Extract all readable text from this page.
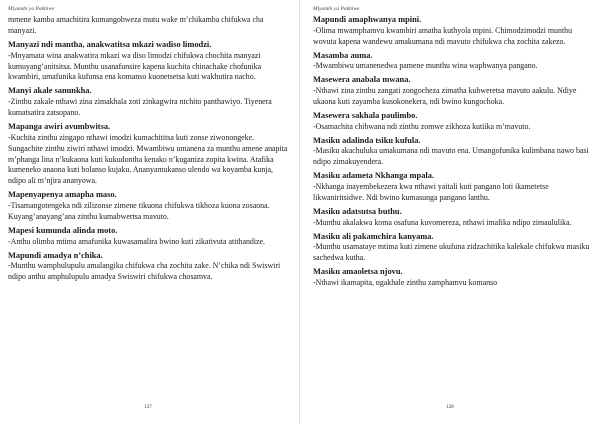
Miyambi ya Pakhiwe
mmene kamba amachitira kumangobweza mutu wake m’chikamba chifukwa cha manyazi.
Manyazi ndi mantha, anakwatitsa mkazi wadiso limodzi.
-Mnyamata wina anakwatira mkazi wa diso limodzi chifukwa chochita manyazi kumuyang’anitsitsa. Munthu usanafunsire kapena kuchita chinachake chofunika kwambiri, umafunika kufunsa ena komanso kuonetsetsa kuti wakhutira nacho.
Manyi akale sanunkha.
-Zinthu zakale nthawi zina zimakhala zoti zinkagwira ntchito panthawiyo. Tiyenera kumatsatira zatsopano.
Mapanga awiri avumbwitsa.
-Kuchita zinthu zingapo nthawi imodzi kumachititsa kuti zonse ziwonongeke. Sungachite zinthu ziwiri nthawi imodzi. Mwambiwu umanena za munthu amene anapita m’phanga lina n’kukaona kuti kukudontha kenako n’kuganiza zopita kwina. Atafika kumeneko anaona kuti bolanso kujaku. Ananyamukanso ulendo wa koyamba kunja, ndipo ali m’njira ananyowa.
Mapenyapenya amapha maso.
-Tisamangotengeka ndi zilizonse zimene tikuona chifukwa tikhoza kuona zosaona. Kuyang’anayang’ana zinthu kumabwertsa mavuto.
Mapesi kumunda alinda moto.
-Anthu olimba mtima amafunika kuwasamalira bwino kuti zikativuta atithandize.
Mapundi amadya n’chika.
-Munthu wamphulupulu amalangika chifukwa cha zochita zake. N’chika ndi Swiswiri ndipo anthu amphulupulu amadya Swiswiri chifukwa chosamva.
127
Miyambi ya Pakhiwe
Mapundi amaphwanya mpini.
-Olima mwamphamvu kwambiri amatha kuthyola mpini. Chimodzimodzi munthu wovuta kapena wandewu amakumana ndi mavuto chifukwa cha zochita zakezo.
Masamba auma.
-Mwambiwu umanenedwa pamene munthu wina waphwanya pangano.
Masewera anabala mwana.
-Nthawi zina zinthu zangati zongocheza zimatha kubweretsa mavuto aakulu. Ndiye ukaona kuti zayamba kusokonekera, ndi bwino kungochoka.
Masewera sakhala paulimbo.
-Osamachita chibwana ndi zinthu zomwe zikhoza kutiika m’mavuto.
Masiku adalinda tsiku kufula.
-Masiku akachuluka umakumana ndi mavuto ena. Umangofunika kulimbana nawo basi ndipo zimakuyendera.
Masiku adameta Nkhanga mpala.
-Nkhanga inayembekezera kwa nthawi yaitali kuti pangano loti ikametetse likwaniritsidwe. Ndi bwino kumasunga pangano lanthu.
Masiku adatsutsa buthu.
-Munthu akalakwa koma osafuna kuvomereza, nthawi imafika ndipo zimaululika.
Masiku ali pakamchira kanyama.
-Munthu usamataye mtima kuti zimene ukufuna zidzachitika kalekale chifukwa masiku sachedwa kutha.
Masiku amaoletsa njovu.
-Nthawi ikamapita, ngakhale zinthu zamphamvu komanso
128
